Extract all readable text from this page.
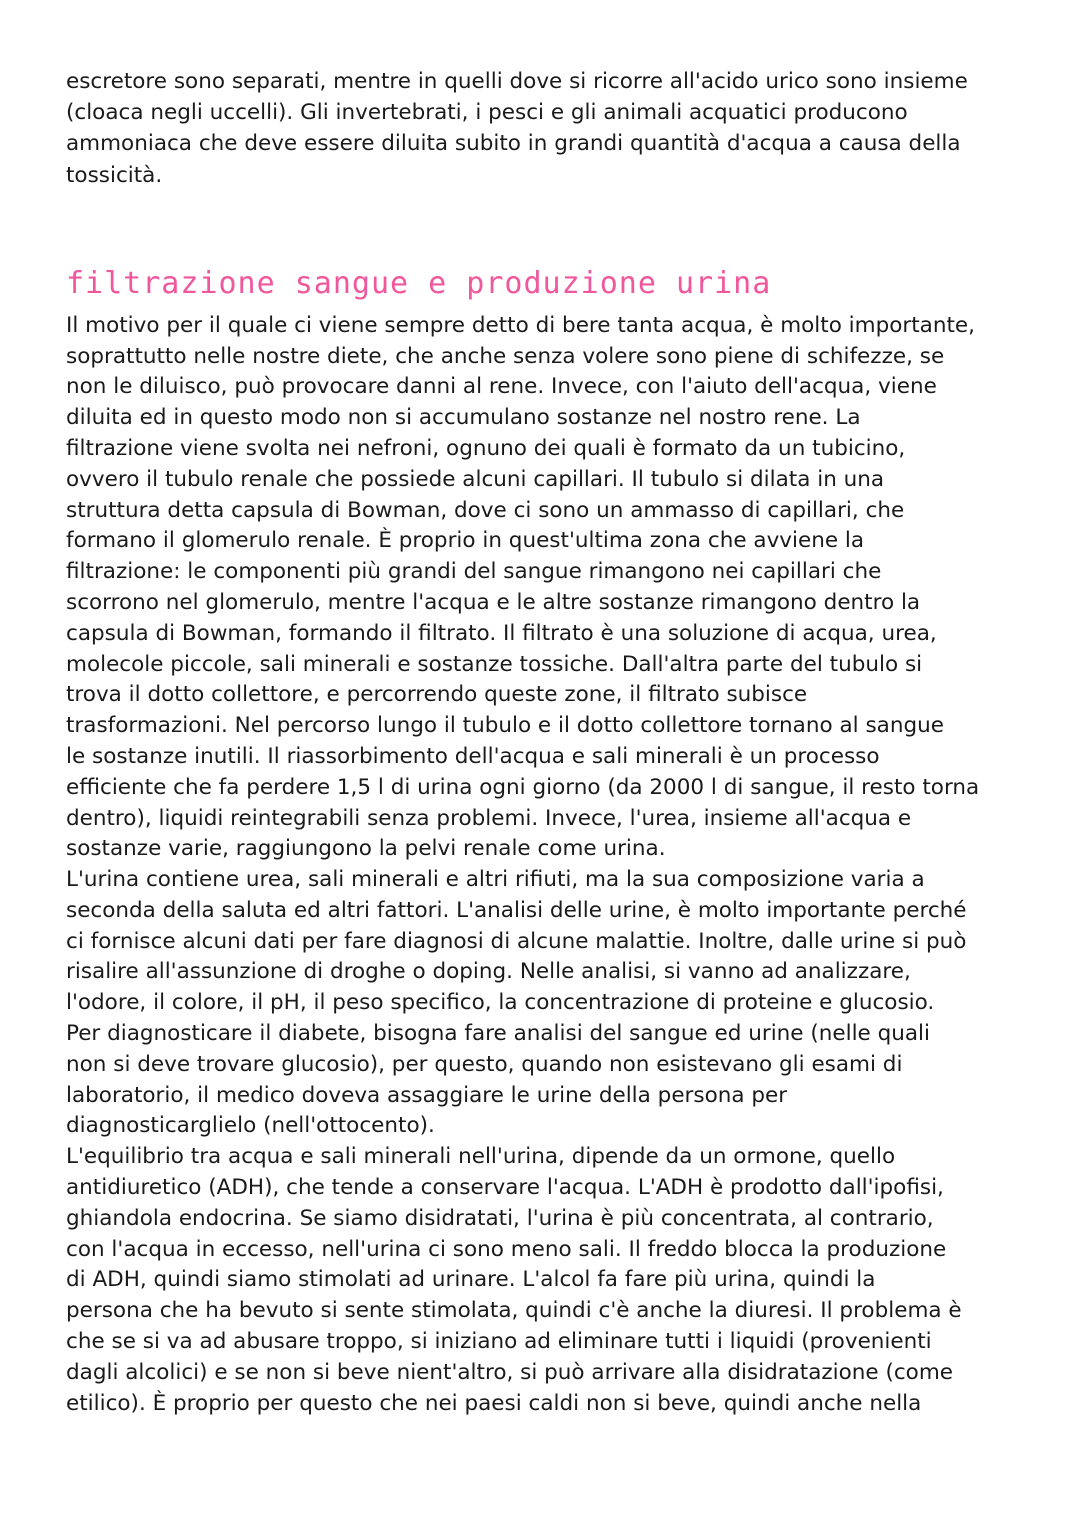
escretore sono separati, mentre in quelli dove si ricorre all'acido urico sono insieme
(cloaca negli uccelli). Gli invertebrati, i pesci e gli animali acquatici producono
ammoniaca che deve essere diluita subito in grandi quantità d'acqua a causa della
tossicità.
filtrazione sangue e produzione urina
Il motivo per il quale ci viene sempre detto di bere tanta acqua, è molto importante,
soprattutto nelle nostre diete, che anche senza volere sono piene di schifezze, se
non le diluisco, può provocare danni al rene. Invece, con l'aiuto dell'acqua, viene
diluita ed in questo modo non si accumulano sostanze nel nostro rene. La
filtrazione viene svolta nei nefroni, ognuno dei quali è formato da un tubicino,
ovvero il tubulo renale che possiede alcuni capillari. Il tubulo si dilata in una
struttura detta capsula di Bowman, dove ci sono un ammasso di capillari, che
formano il glomerulo renale. È proprio in quest'ultima zona che avviene la
filtrazione: le componenti più grandi del sangue rimangono nei capillari che
scorrono nel glomerulo, mentre l'acqua e le altre sostanze rimangono dentro la
capsula di Bowman, formando il filtrato. Il filtrato è una soluzione di acqua, urea,
molecole piccole, sali minerali e sostanze tossiche. Dall'altra parte del tubulo si
trova il dotto collettore, e percorrendo queste zone, il filtrato subisce
trasformazioni. Nel percorso lungo il tubulo e il dotto collettore tornano al sangue
le sostanze inutili. Il riassorbimento dell'acqua e sali minerali è un processo
efficiente che fa perdere 1,5 l di urina ogni giorno (da 2000 l di sangue, il resto torna
dentro), liquidi reintegrabili senza problemi. Invece, l'urea, insieme all'acqua e
sostanze varie, raggiungono la pelvi renale come urina.
L'urina contiene urea, sali minerali e altri rifiuti, ma la sua composizione varia a
seconda della saluta ed altri fattori. L'analisi delle urine, è molto importante perché
ci fornisce alcuni dati per fare diagnosi di alcune malattie. Inoltre, dalle urine si può
risalire all'assunzione di droghe o doping. Nelle analisi, si vanno ad analizzare,
l'odore, il colore, il pH, il peso specifico, la concentrazione di proteine e glucosio.
Per diagnosticare il diabete, bisogna fare analisi del sangue ed urine (nelle quali
non si deve trovare glucosio), per questo, quando non esistevano gli esami di
laboratorio, il medico doveva assaggiare le urine della persona per
diagnosticarglielo (nell'ottocento).
L'equilibrio tra acqua e sali minerali nell'urina, dipende da un ormone, quello
antidiuretico (ADH), che tende a conservare l'acqua. L'ADH è prodotto dall'ipofisi,
ghiandola endocrina. Se siamo disidratati, l'urina è più concentrata, al contrario,
con l'acqua in eccesso, nell'urina ci sono meno sali. Il freddo blocca la produzione
di ADH, quindi siamo stimolati ad urinare. L'alcol fa fare più urina, quindi la
persona che ha bevuto si sente stimolata, quindi c'è anche la diuresi. Il problema è
che se si va ad abusare troppo, si iniziano ad eliminare tutti i liquidi (provenienti
dagli alcolici) e se non si beve nient'altro, si può arrivare alla disidratazione (come
etilico). È proprio per questo che nei paesi caldi non si beve, quindi anche nella
